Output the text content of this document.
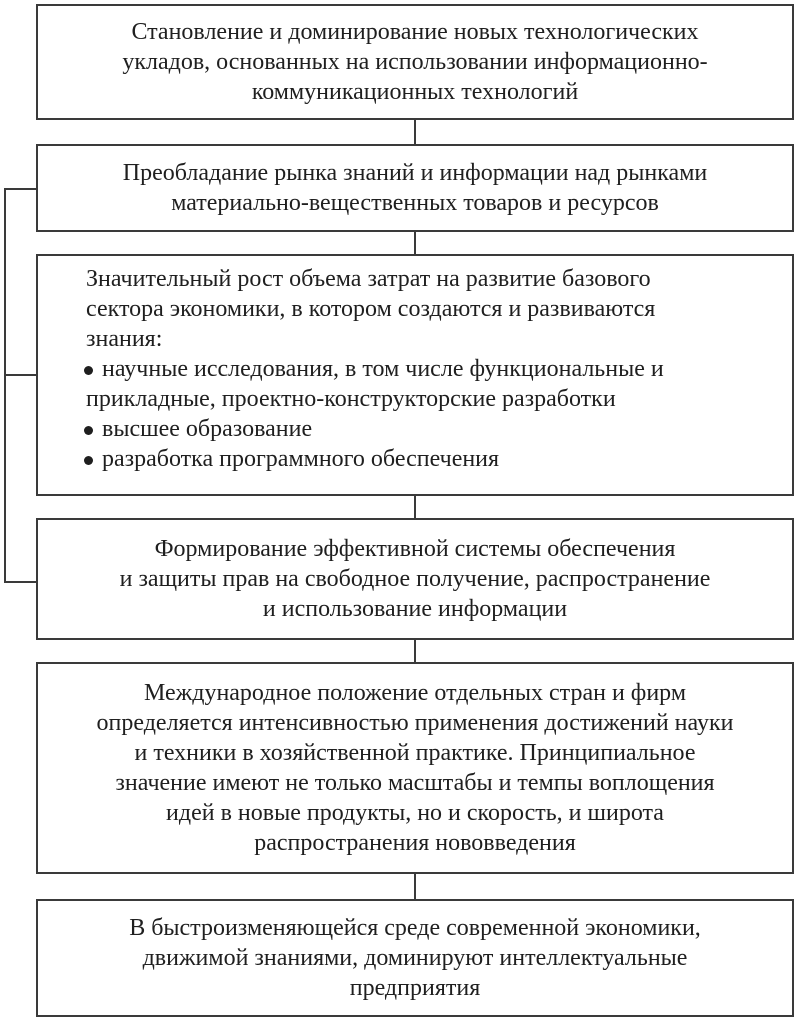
Становление и доминирование новых технологических
укладов, основанных на использовании информационно-
коммуникационных технологий
Преобладание рынка знаний и информации над рынками
материально-вещественных товаров и ресурсов
Значительный рост объема затрат на развитие базового
сектора экономики, в котором создаются и развиваются
знания:
научные исследования, в том числе функциональные и
прикладные, проектно-конструкторские разработки
высшее образование
разработка программного обеспечения
Формирование эффективной системы обеспечения
и защиты прав на свободное получение, распространение
и использование информации
Международное положение отдельных стран и фирм
определяется интенсивностью применения достижений науки
и техники в хозяйственной практике. Принципиальное
значение имеют не только масштабы и темпы воплощения
идей в новые продукты, но и скорость, и широта
распространения нововведения
В быстроизменяющейся среде современной экономики,
движимой знаниями, доминируют интеллектуальные
предприятия
